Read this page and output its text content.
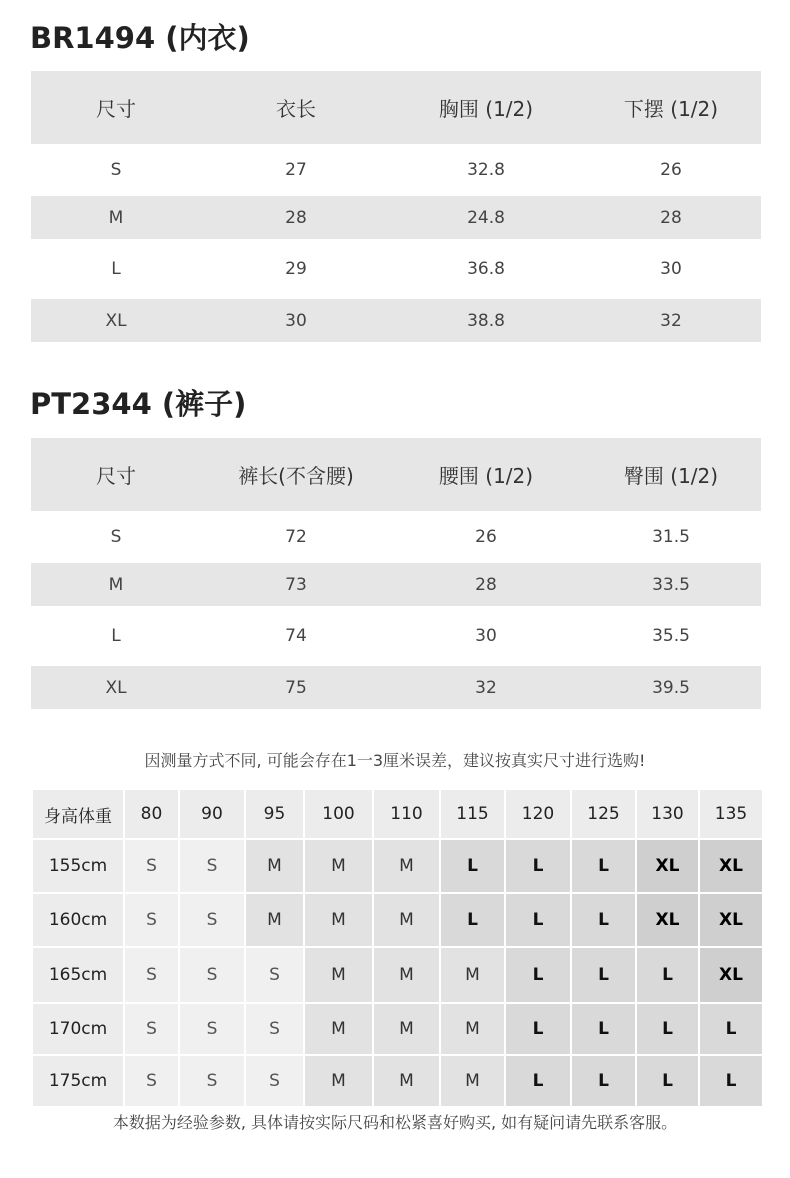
BR1494 (内衣)
尺寸	衣长	胸围 (1/2)	下摆 (1/2)
S	27	32.8	26
M	28	24.8	28
L	29	36.8	30
XL	30	38.8	32
PT2344 (裤子)
尺寸	裤长(不含腰)	腰围 (1/2)	臀围 (1/2)
S	72	26	31.5
M	73	28	33.5
L	74	30	35.5
XL	75	32	39.5

因测量方式不同, 可能会存在1一3厘米误差，建议按真实尺寸进行选购!

身高体重	80	90	95	100	110	115	120	125	130	135
155cm	S	S	M	M	M	L	L	L	XL	XL
160cm	S	S	M	M	M	L	L	L	XL	XL
165cm	S	S	S	M	M	M	L	L	L	XL
170cm	S	S	S	M	M	M	L	L	L	L
175cm	S	S	S	M	M	M	L	L	L	L

本数据为经验参数, 具体请按实际尺码和松紧喜好购买, 如有疑问请先联系客服。
